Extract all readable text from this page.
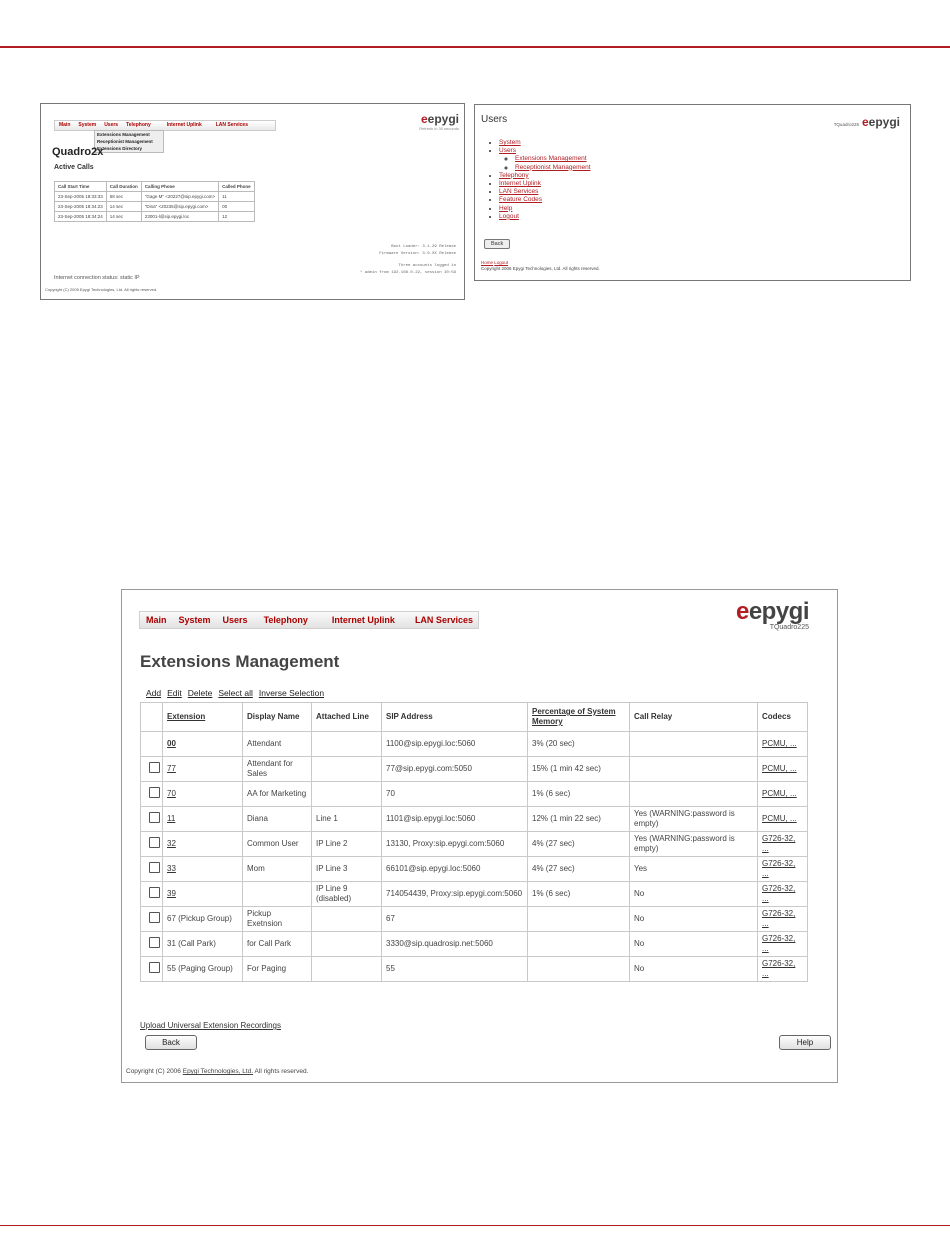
Main	System	Users	Telephony	Internet Uplink	LAN Services
Extensions Management
Receptionist Management
Extensions Directory
eepygi
Refresh in 30 seconds
Quadro2x
Active Calls
Call Start Time	Call Duration	Calling Phone	Called Phone
23-Sep-2005 18:33:33	58 sec	"Gage M" <20227@sip.epygi.com>	11
23-Sep-2005 18:34:23	14 sec	"Dina" <20235@sip.epygi.com>	00
23-Sep-2005 18:34:24	14 sec	23001-l@sip.epygi.loc	12
Boot Loader: 3.1.29 Release
Firmware Version: 3.0.XX Release
Three accounts logged in
* admin from 192.168.0.22, session 10:59
Internet connection status: static IP
Copyright (C) 2005 Epygi Technologies, Ltd. All rights reserved.
Users	TQuadro225 eepygi
• System
• Users
◦ Extensions Management
◦ Receptionist Management
• Telephony
• Internet Uplink
• LAN Services
• Feature Codes
• Help
• Logout
Back
Home Logout
Copyright 2006 Epygi Technologies, Ltd. All rights reserved.
Main	System	Users	Telephony	Internet Uplink	LAN Services	eepygi
TQuadro225
Extensions Management
Add Edit Delete Select all Inverse Selection
	Extension	Display Name	Attached Line	SIP Address	Percentage of System Memory	Call Relay	Codecs
	00	Attendant		1100@sip.epygi.loc:5060	3% (20 sec)		PCMU, ...
	77	Attendant for Sales		77@sip.epygi.com:5050	15% (1 min 42 sec)		PCMU, ...
	70	AA for Marketing		70	1% (6 sec)		PCMU, ...
	11	Diana	Line 1	1101@sip.epygi.loc:5060	12% (1 min 22 sec)	Yes (WARNING:password is empty)	PCMU, ...
	32	Common User	IP Line 2	13130, Proxy:sip.epygi.com:5060	4% (27 sec)	Yes (WARNING:password is empty)	G726-32, ...
	33	Mom	IP Line 3	66101@sip.epygi.loc:5060	4% (27 sec)	Yes	G726-32, ...
	39		IP Line 9 (disabled)	714054439, Proxy:sip.epygi.com:5060	1% (6 sec)	No	G726-32, ...
	67 (Pickup Group)	Pickup Exetnsion		67		No	G726-32, ...
	31 (Call Park)	for Call Park		3330@sip.quadrosip.net:5060		No	G726-32, ...
	55 (Paging Group)	For Paging		55		No	G726-32, ...
Upload Universal Extension Recordings
Back	Help
Copyright (C) 2006 Epygi Technologies, Ltd. All rights reserved.
